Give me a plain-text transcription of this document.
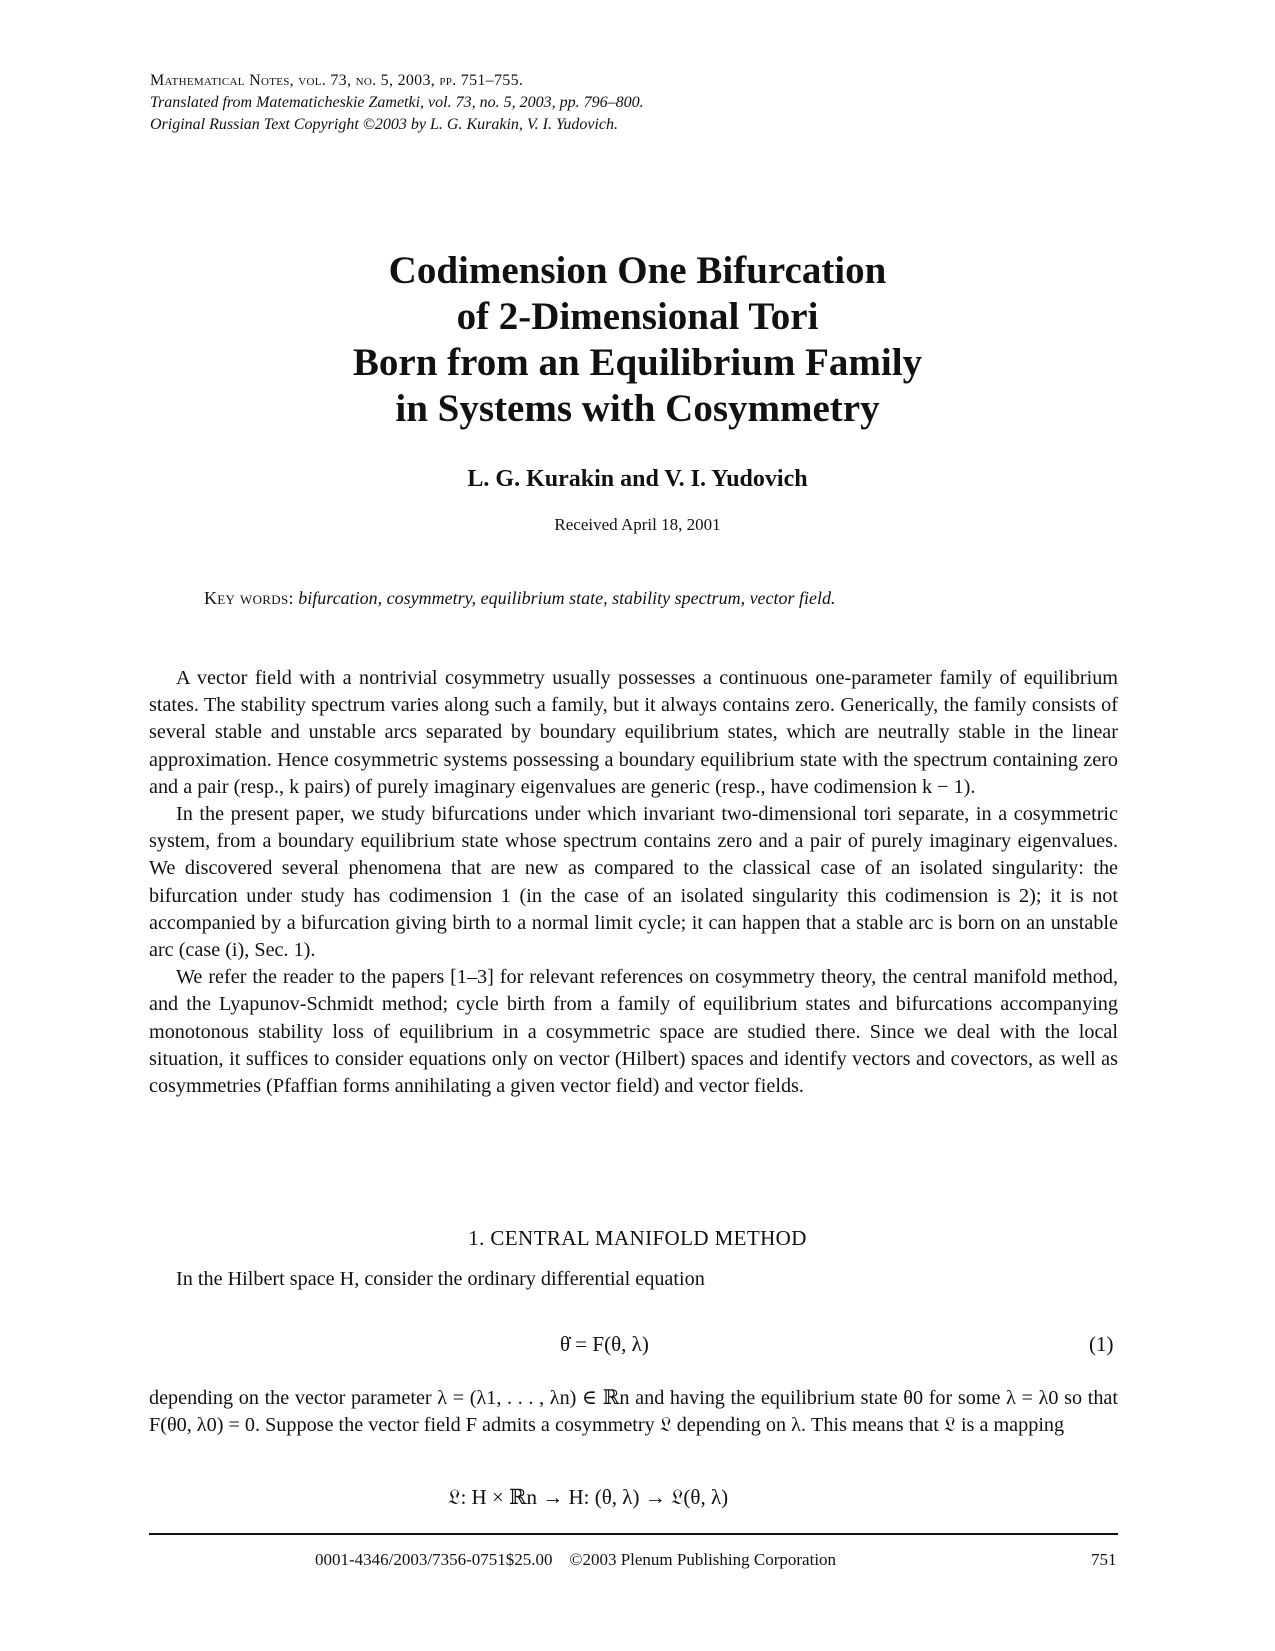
Mathematical Notes, vol. 73, no. 5, 2003, pp. 751–755.
Translated from Matematicheskie Zametki, vol. 73, no. 5, 2003, pp. 796–800.
Original Russian Text Copyright ©2003 by L. G. Kurakin, V. I. Yudovich.
Codimension One Bifurcation
of 2-Dimensional Tori
Born from an Equilibrium Family
in Systems with Cosymmetry
L. G. Kurakin and V. I. Yudovich
Received April 18, 2001
Key words: bifurcation, cosymmetry, equilibrium state, stability spectrum, vector field.

A vector field with a nontrivial cosymmetry usually possesses a continuous one-parameter family of equilibrium states. The stability spectrum varies along such a family, but it always contains zero. Generically, the family consists of several stable and unstable arcs separated by boundary equilibrium states, which are neutrally stable in the linear approximation. Hence cosymmetric systems possessing a boundary equilibrium state with the spectrum containing zero and a pair (resp., k pairs) of purely imaginary eigenvalues are generic (resp., have codimension k − 1).

In the present paper, we study bifurcations under which invariant two-dimensional tori separate, in a cosymmetric system, from a boundary equilibrium state whose spectrum contains zero and a pair of purely imaginary eigenvalues. We discovered several phenomena that are new as compared to the classical case of an isolated singularity: the bifurcation under study has codimension 1 (in the case of an isolated singularity this codimension is 2); it is not accompanied by a bifurcation giving birth to a normal limit cycle; it can happen that a stable arc is born on an unstable arc (case (i), Sec. 1).

We refer the reader to the papers [1–3] for relevant references on cosymmetry theory, the central manifold method, and the Lyapunov-Schmidt method; cycle birth from a family of equilibrium states and bifurcations accompanying monotonous stability loss of equilibrium in a cosymmetric space are studied there. Since we deal with the local situation, it suffices to consider equations only on vector (Hilbert) spaces and identify vectors and covectors, as well as cosymmetries (Pfaffian forms annihilating a given vector field) and vector fields.

1. CENTRAL MANIFOLD METHOD
In the Hilbert space H, consider the ordinary differential equation
θ̇ = F(θ, λ)	(1)

depending on the vector parameter λ = (λ1, . . . , λn) ∈ ℝn and having the equilibrium state θ0 for some λ = λ0 so that F(θ0, λ0) = 0. Suppose the vector field F admits a cosymmetry 𝔏 depending on λ. This means that 𝔏 is a mapping

𝔏: H × ℝn → H: (θ, λ) → 𝔏(θ, λ)
0001-4346/2003/7356-0751$25.00 ©2003 Plenum Publishing Corporation	751
